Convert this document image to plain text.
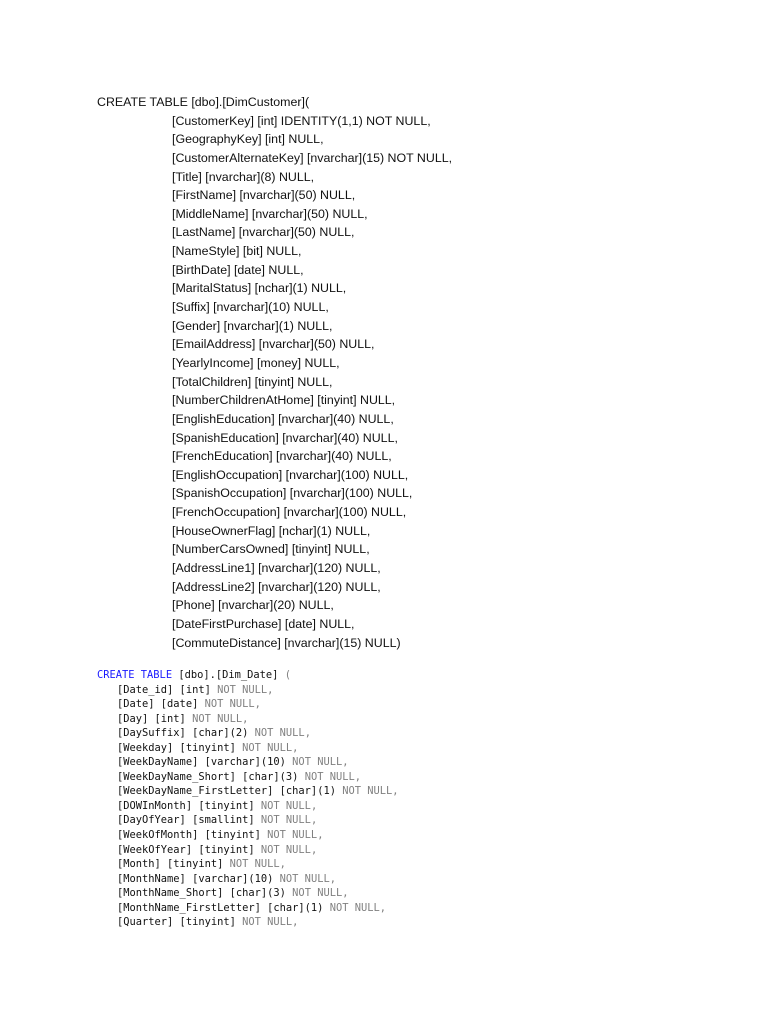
CREATE TABLE [dbo].[DimCustomer](
[CustomerKey] [int] IDENTITY(1,1) NOT NULL,
[GeographyKey] [int] NULL,
[CustomerAlternateKey] [nvarchar](15) NOT NULL,
[Title] [nvarchar](8) NULL,
[FirstName] [nvarchar](50) NULL,
[MiddleName] [nvarchar](50) NULL,
[LastName] [nvarchar](50) NULL,
[NameStyle] [bit] NULL,
[BirthDate] [date] NULL,
[MaritalStatus] [nchar](1) NULL,
[Suffix] [nvarchar](10) NULL,
[Gender] [nvarchar](1) NULL,
[EmailAddress] [nvarchar](50) NULL,
[YearlyIncome] [money] NULL,
[TotalChildren] [tinyint] NULL,
[NumberChildrenAtHome] [tinyint] NULL,
[EnglishEducation] [nvarchar](40) NULL,
[SpanishEducation] [nvarchar](40) NULL,
[FrenchEducation] [nvarchar](40) NULL,
[EnglishOccupation] [nvarchar](100) NULL,
[SpanishOccupation] [nvarchar](100) NULL,
[FrenchOccupation] [nvarchar](100) NULL,
[HouseOwnerFlag] [nchar](1) NULL,
[NumberCarsOwned] [tinyint] NULL,
[AddressLine1] [nvarchar](120) NULL,
[AddressLine2] [nvarchar](120) NULL,
[Phone] [nvarchar](20) NULL,
[DateFirstPurchase] [date] NULL,
[CommuteDistance] [nvarchar](15) NULL)
CREATE TABLE [dbo].[Dim_Date] (
[Date_id] [int] NOT NULL,
[Date] [date] NOT NULL,
[Day] [int] NOT NULL,
[DaySuffix] [char](2) NOT NULL,
[Weekday] [tinyint] NOT NULL,
[WeekDayName] [varchar](10) NOT NULL,
[WeekDayName_Short] [char](3) NOT NULL,
[WeekDayName_FirstLetter] [char](1) NOT NULL,
[DOWInMonth] [tinyint] NOT NULL,
[DayOfYear] [smallint] NOT NULL,
[WeekOfMonth] [tinyint] NOT NULL,
[WeekOfYear] [tinyint] NOT NULL,
[Month] [tinyint] NOT NULL,
[MonthName] [varchar](10) NOT NULL,
[MonthName_Short] [char](3) NOT NULL,
[MonthName_FirstLetter] [char](1) NOT NULL,
[Quarter] [tinyint] NOT NULL,
